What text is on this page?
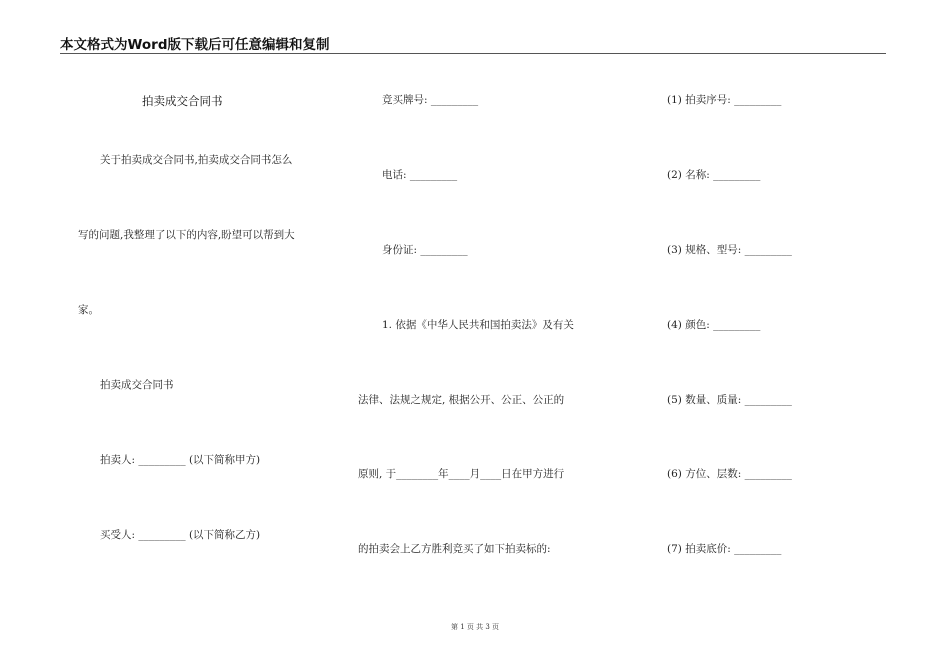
本文格式为Word版下载后可任意编辑和复制
拍卖成交合同书
关于拍卖成交合同书,拍卖成交合同书怎么
写的问题,我整理了以下的内容,盼望可以帮到大
家。
拍卖成交合同书
拍卖人: _________ (以下简称甲方)
买受人: _________ (以下简称乙方)
竞买牌号: _________
电话: _________
身份证: _________
1. 依据《中华人民共和国拍卖法》及有关
法律、法规之规定, 根据公开、公正、公正的
原则, 于________年____月____日在甲方进行
的拍卖会上乙方胜利竞买了如下拍卖标的:
(1) 拍卖序号: _________
(2) 名称: _________
(3) 规格、型号: _________
(4) 颜色: _________
(5) 数量、质量: _________
(6) 方位、层数: _________
(7) 拍卖底价: _________
第 1 页 共 3 页
